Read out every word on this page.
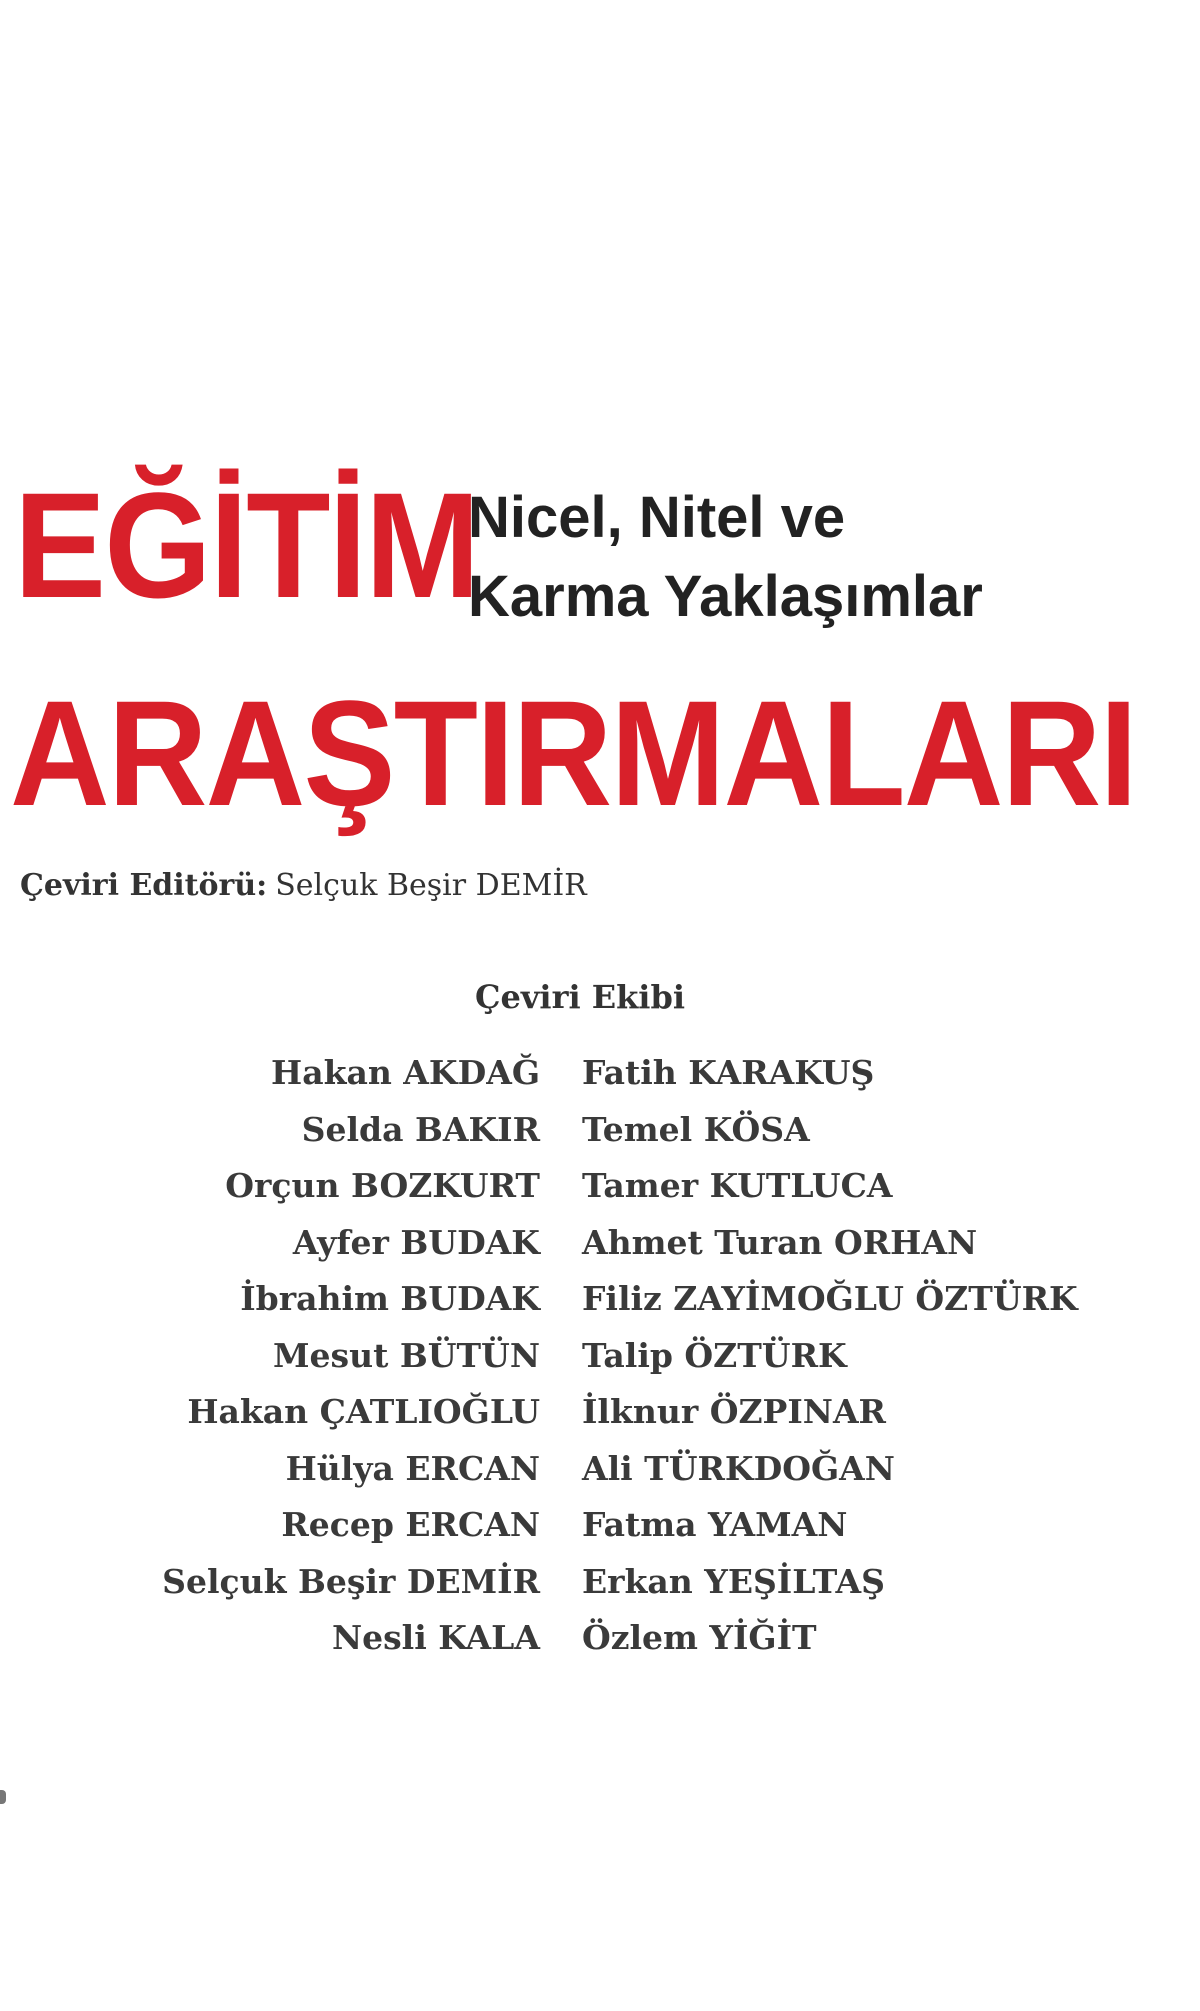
EĞİTİM
Nicel, Nitel ve
Karma Yaklaşımlar
ARAŞTIRMALARI
Çeviri Editörü: Selçuk Beşir DEMİR
Çeviri Ekibi
Hakan AKDAĞ
Selda BAKIR
Orçun BOZKURT
Ayfer BUDAK
İbrahim BUDAK
Mesut BÜTÜN
Hakan ÇATLIOĞLU
Hülya ERCAN
Recep ERCAN
Selçuk Beşir DEMİR
Nesli KALA
Fatih KARAKUŞ
Temel KÖSA
Tamer KUTLUCA
Ahmet Turan ORHAN
Filiz ZAYİMOĞLU ÖZTÜRK
Talip ÖZTÜRK
İlknur ÖZPINAR
Ali TÜRKDOĞAN
Fatma YAMAN
Erkan YEŞİLTAŞ
Özlem YİĞİT
